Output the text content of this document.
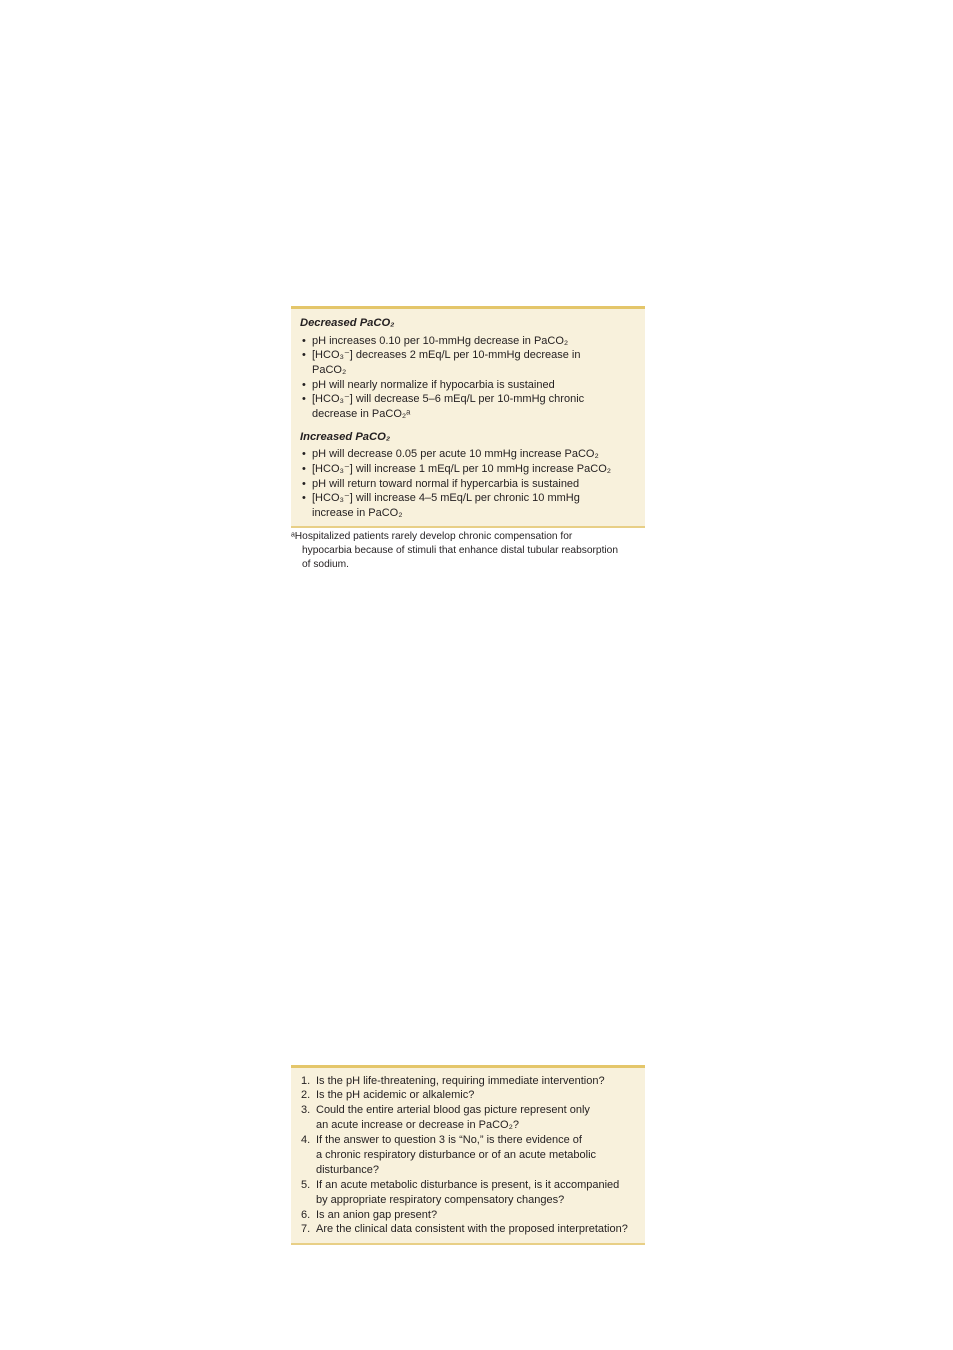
Decreased PaCO₂
• pH increases 0.10 per 10-mmHg decrease in PaCO₂
• [HCO₃⁻] decreases 2 mEq/L per 10-mmHg decrease in
PaCO₂
• pH will nearly normalize if hypocarbia is sustained
• [HCO₃⁻] will decrease 5–6 mEq/L per 10-mmHg chronic
decrease in PaCO₂ᵃ
Increased PaCO₂
• pH will decrease 0.05 per acute 10 mmHg increase PaCO₂
• [HCO₃⁻] will increase 1 mEq/L per 10 mmHg increase PaCO₂
• pH will return toward normal if hypercarbia is sustained
• [HCO₃⁻] will increase 4–5 mEq/L per chronic 10 mmHg
increase in PaCO₂
ᵃHospitalized patients rarely develop chronic compensation for
hypocarbia because of stimuli that enhance distal tubular reabsorption
of sodium.
1. Is the pH life-threatening, requiring immediate intervention?
2. Is the pH acidemic or alkalemic?
3. Could the entire arterial blood gas picture represent only
an acute increase or decrease in PaCO₂?
4. If the answer to question 3 is “No,” is there evidence of
a chronic respiratory disturbance or of an acute metabolic
disturbance?
5. If an acute metabolic disturbance is present, is it accompanied
by appropriate respiratory compensatory changes?
6. Is an anion gap present?
7. Are the clinical data consistent with the proposed interpretation?
